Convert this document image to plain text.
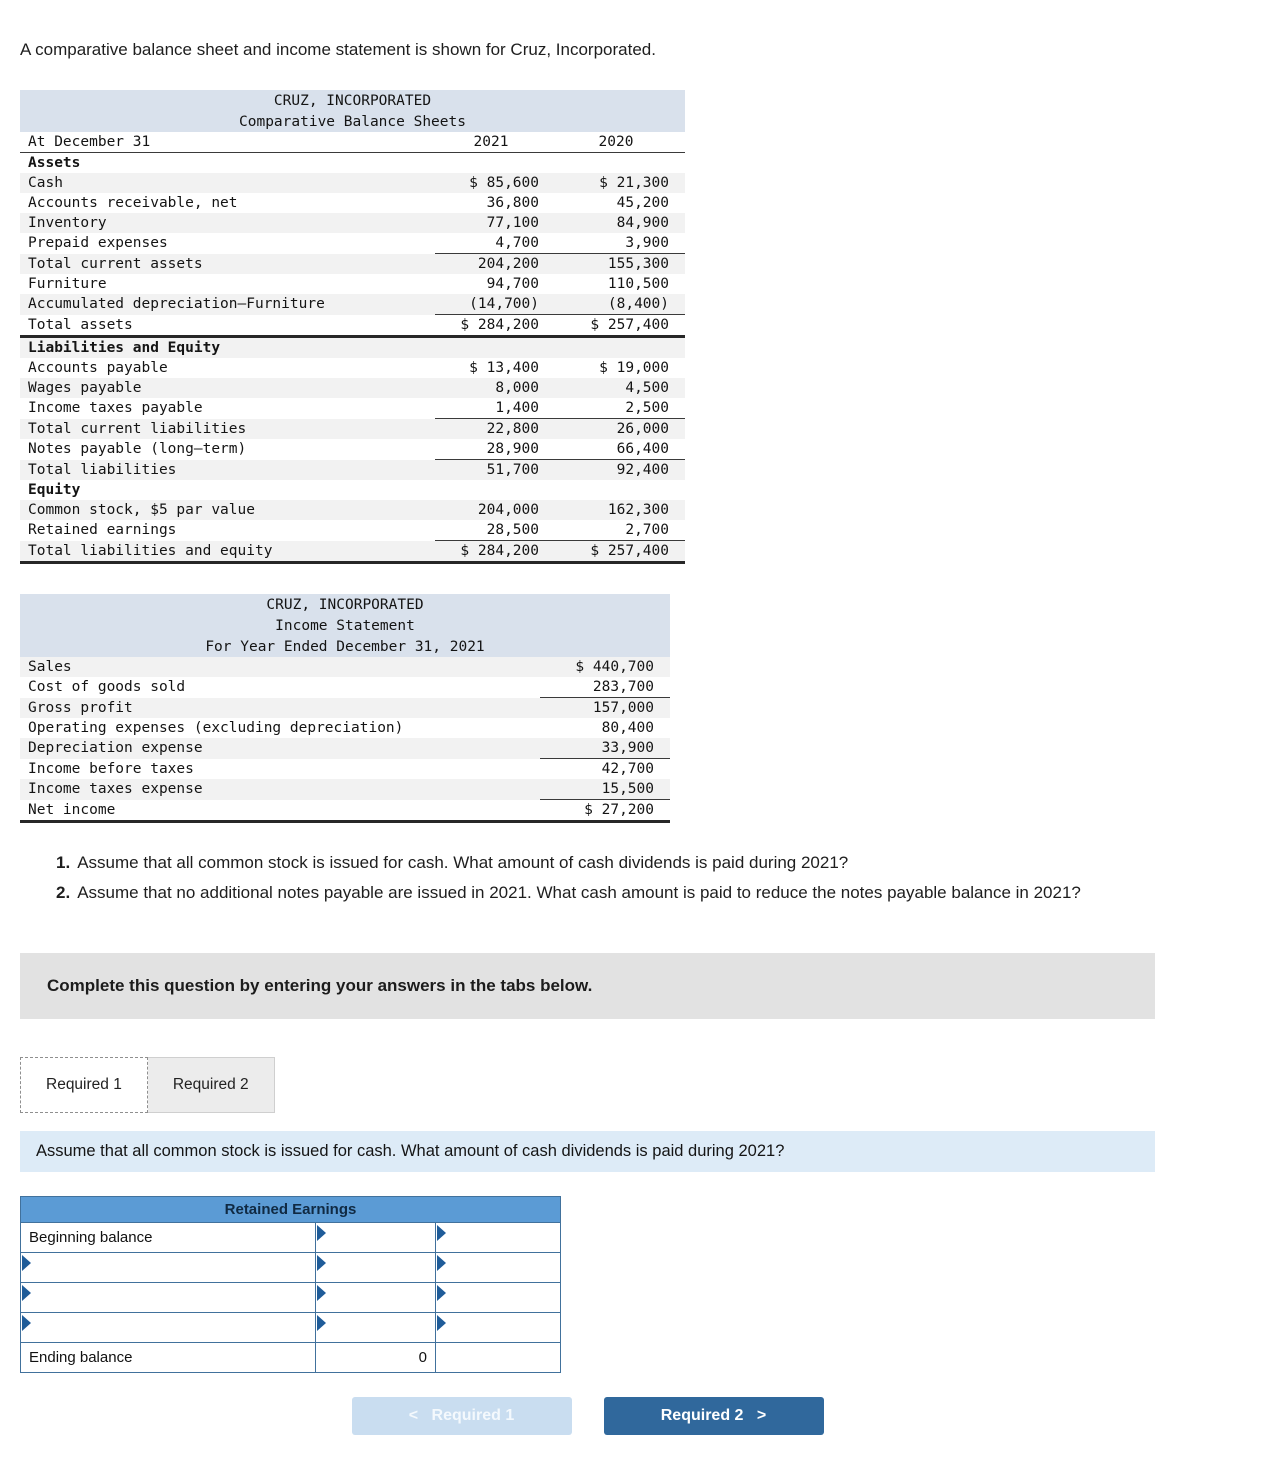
A comparative balance sheet and income statement is shown for Cruz, Incorporated.

CRUZ, INCORPORATED		
Comparative Balance Sheets		
At December 31	2021	2020
Assets		
Cash	$ 85,600	$ 21,300
Accounts receivable, net	36,800	45,200
Inventory	77,100	84,900
Prepaid expenses	4,700	3,900
Total current assets	204,200	155,300
Furniture	94,700	110,500
Accumulated depreciation–Furniture	(14,700)	(8,400)
Total assets	$ 284,200	$ 257,400
Liabilities and Equity		
Accounts payable	$ 13,400	$ 19,000
Wages payable	8,000	4,500
Income taxes payable	1,400	2,500
Total current liabilities	22,800	26,000
Notes payable (long–term)	28,900	66,400
Total liabilities	51,700	92,400
Equity		
Common stock, $5 par value	204,000	162,300
Retained earnings	28,500	2,700
Total liabilities and equity	$ 284,200	$ 257,400
CRUZ, INCORPORATED	
Income Statement	
For Year Ended December 31, 2021	
Sales	$ 440,700
Cost of goods sold	283,700
Gross profit	157,000
Operating expenses (excluding depreciation)	80,400
Depreciation expense	33,900
Income before taxes	42,700
Income taxes expense	15,500
Net income	$ 27,200
1. Assume that all common stock is issued for cash. What amount of cash dividends is paid during 2021?
2. Assume that no additional notes payable are issued in 2021. What cash amount is paid to reduce the notes payable balance in 2021?
Complete this question by entering your answers in the tabs below.
Required 1	Required 2
Assume that all common stock is issued for cash. What amount of cash dividends is paid during 2021?
Retained Earnings		
Beginning balance	

Ending balance	0	
< Required 1	Required 2 >
